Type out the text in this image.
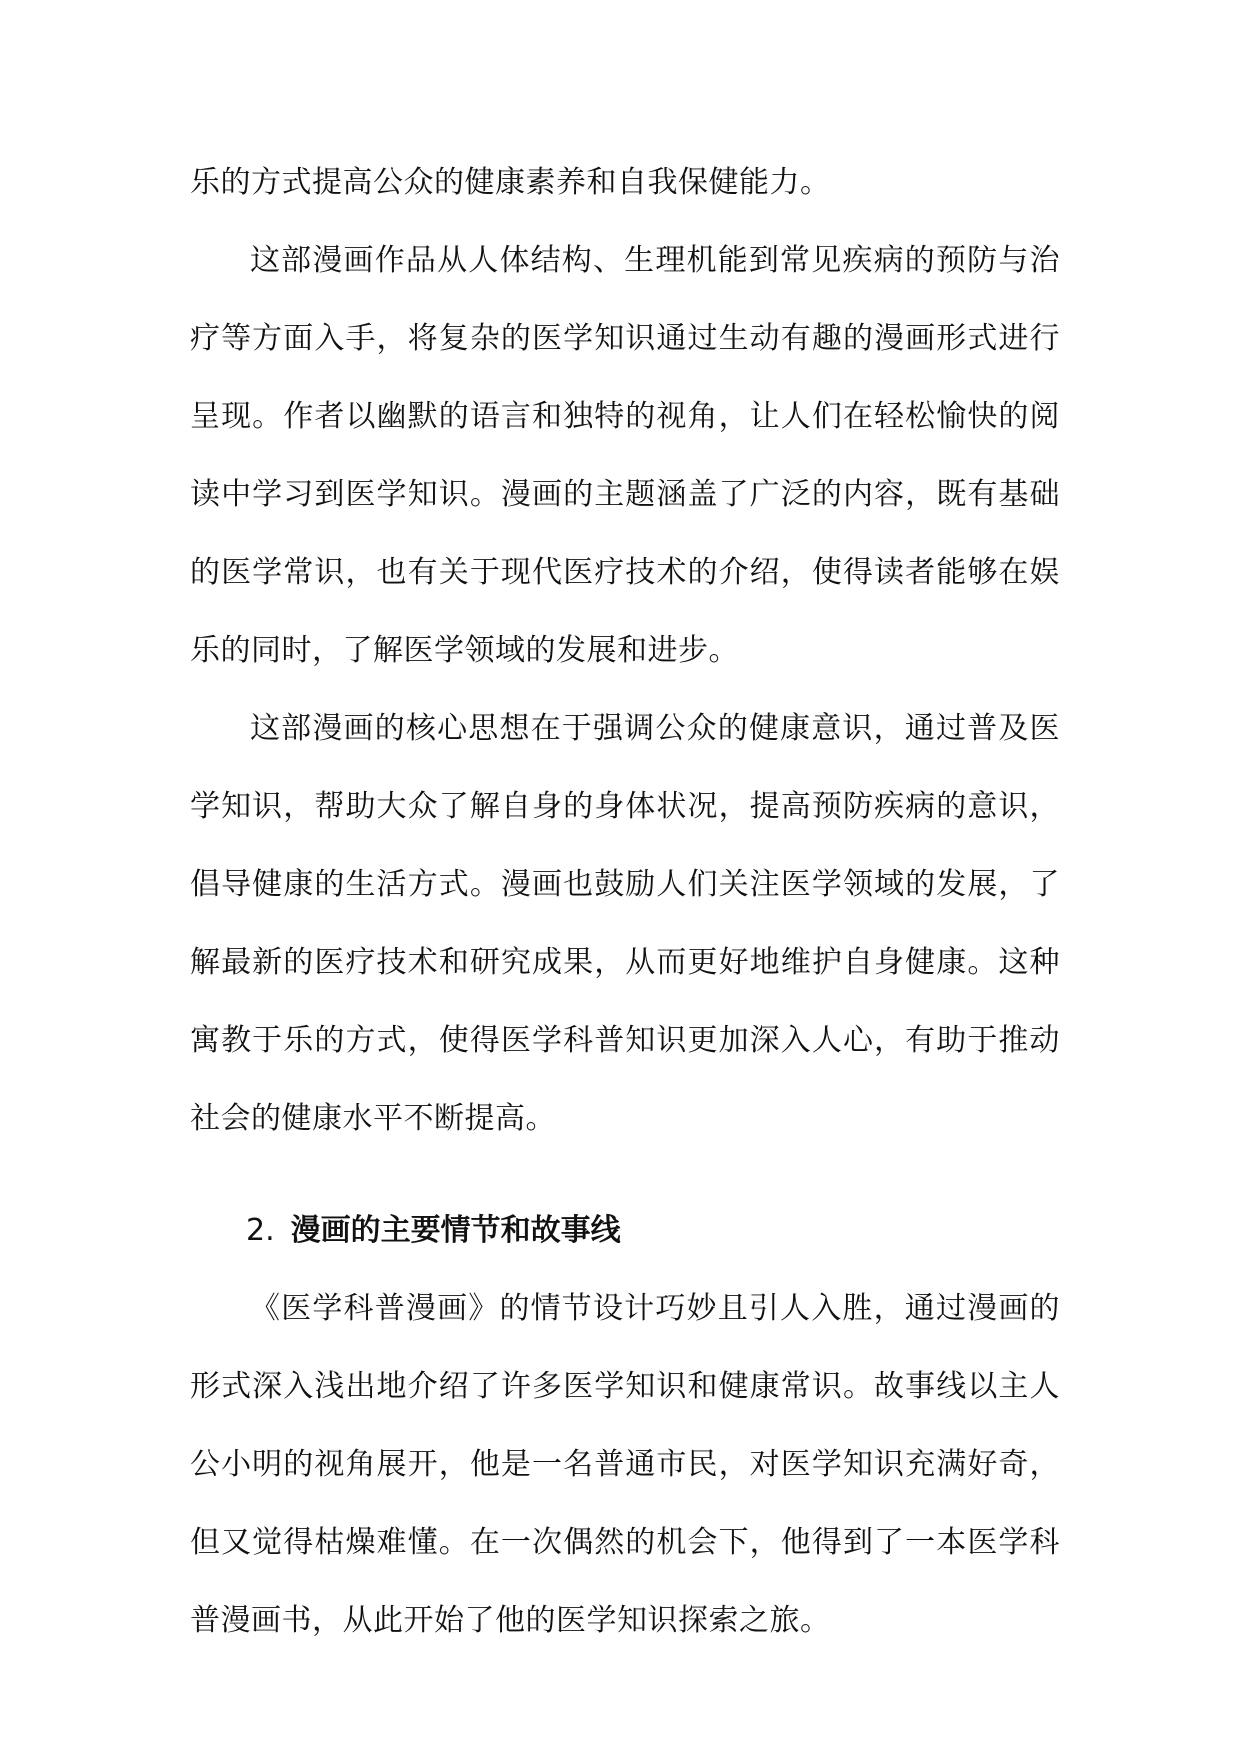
乐的方式提高公众的健康素养和自我保健能力。

这部漫画作品从人体结构、生理机能到常见疾病的预防与治疗等方面入手，将复杂的医学知识通过生动有趣的漫画形式进行呈现。作者以幽默的语言和独特的视角，让人们在轻松愉快的阅读中学习到医学知识。漫画的主题涵盖了广泛的内容，既有基础的医学常识，也有关于现代医疗技术的介绍，使得读者能够在娱乐的同时，了解医学领域的发展和进步。

这部漫画的核心思想在于强调公众的健康意识，通过普及医学知识，帮助大众了解自身的身体状况，提高预防疾病的意识，倡导健康的生活方式。漫画也鼓励人们关注医学领域的发展，了解最新的医疗技术和研究成果，从而更好地维护自身健康。这种寓教于乐的方式，使得医学科普知识更加深入人心，有助于推动社会的健康水平不断提高。

2. 漫画的主要情节和故事线

《医学科普漫画》的情节设计巧妙且引人入胜，通过漫画的形式深入浅出地介绍了许多医学知识和健康常识。故事线以主人公小明的视角展开，他是一名普通市民，对医学知识充满好奇，但又觉得枯燥难懂。在一次偶然的机会下，他得到了一本医学科普漫画书，从此开始了他的医学知识探索之旅。
